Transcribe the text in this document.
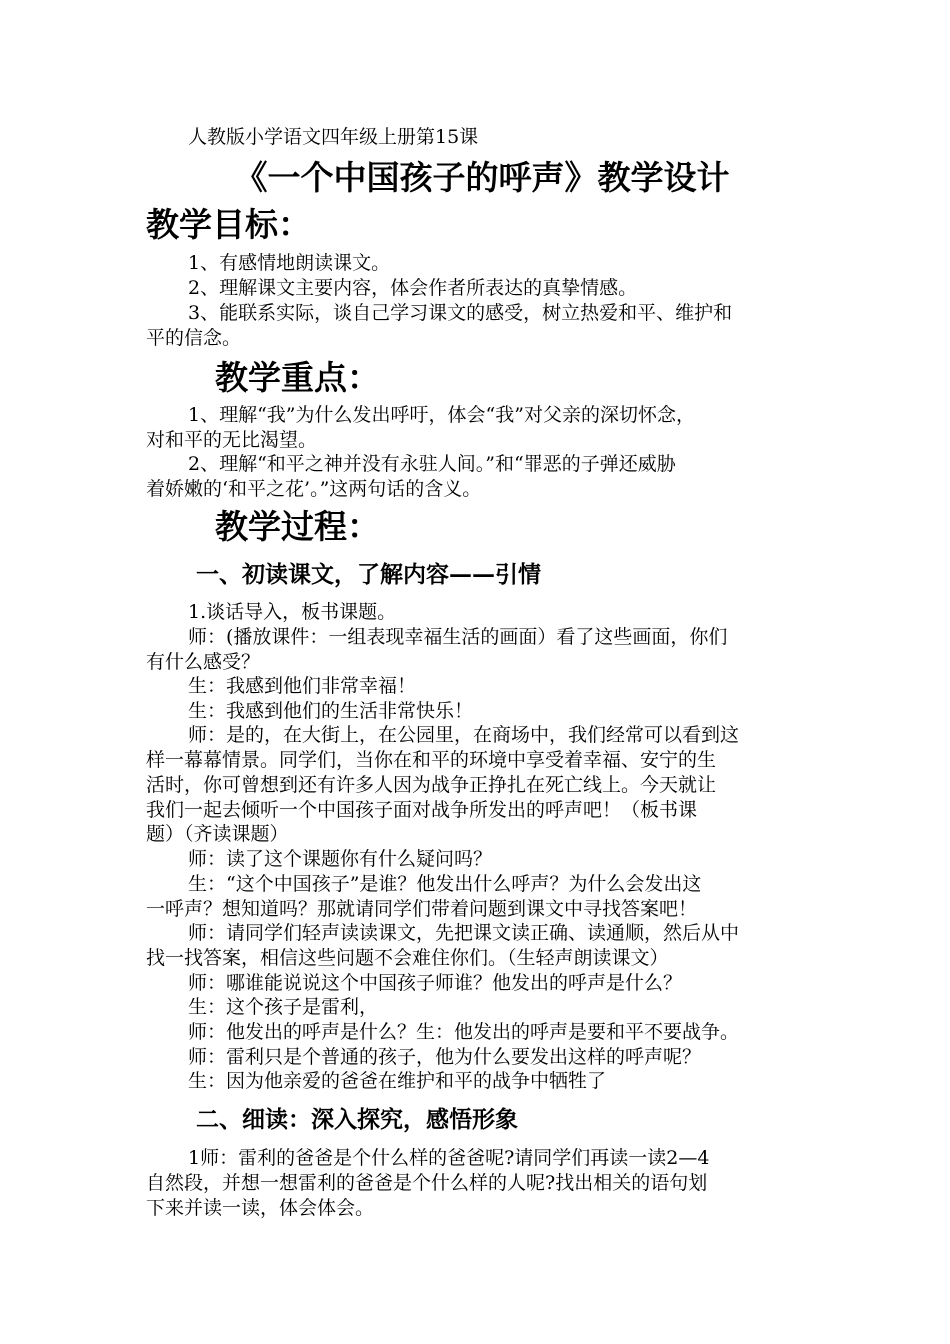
人教版小学语文四年级上册第15课
《一个中国孩子的呼声》教学设计
教学目标：
1、有感情地朗读课文。
2、理解课文主要内容，体会作者所表达的真挚情感。
3、能联系实际，谈自己学习课文的感受，树立热爱和平、维护和
平的信念。
教学重点：
1、理解“我”为什么发出呼吁，体会“我”对父亲的深切怀念，
对和平的无比渴望。
2、理解“和平之神并没有永驻人间。”和“罪恶的子弹还威胁
着娇嫩的‘和平之花’。”这两句话的含义。
教学过程：
一、初读课文，了解内容——引情
1.谈话导入，板书课题。
师：(播放课件：一组表现幸福生活的画面）看了这些画面，你们
有什么感受？
生：我感到他们非常幸福！
生：我感到他们的生活非常快乐！
师：是的，在大街上，在公园里，在商场中，我们经常可以看到这
样一幕幕情景。同学们，当你在和平的环境中享受着幸福、安宁的生
活时，你可曾想到还有许多人因为战争正挣扎在死亡线上。今天就让
我们一起去倾听一个中国孩子面对战争所发出的呼声吧！（板书课
题）（齐读课题）
师：读了这个课题你有什么疑问吗？
生：“这个中国孩子”是谁？他发出什么呼声？为什么会发出这
一呼声？想知道吗？那就请同学们带着问题到课文中寻找答案吧！
师：请同学们轻声读读课文，先把课文读正确、读通顺，然后从中
找一找答案，相信这些问题不会难住你们。（生轻声朗读课文）
师：哪谁能说说这个中国孩子师谁？他发出的呼声是什么？
生：这个孩子是雷利，
师：他发出的呼声是什么？生：他发出的呼声是要和平不要战争。
师：雷利只是个普通的孩子，他为什么要发出这样的呼声呢？
生：因为他亲爱的爸爸在维护和平的战争中牺牲了
二、细读：深入探究，感悟形象
1师：雷利的爸爸是个什么样的爸爸呢?请同学们再读一读2—4
自然段，并想一想雷利的爸爸是个什么样的人呢?找出相关的语句划
下来并读一读，体会体会。
